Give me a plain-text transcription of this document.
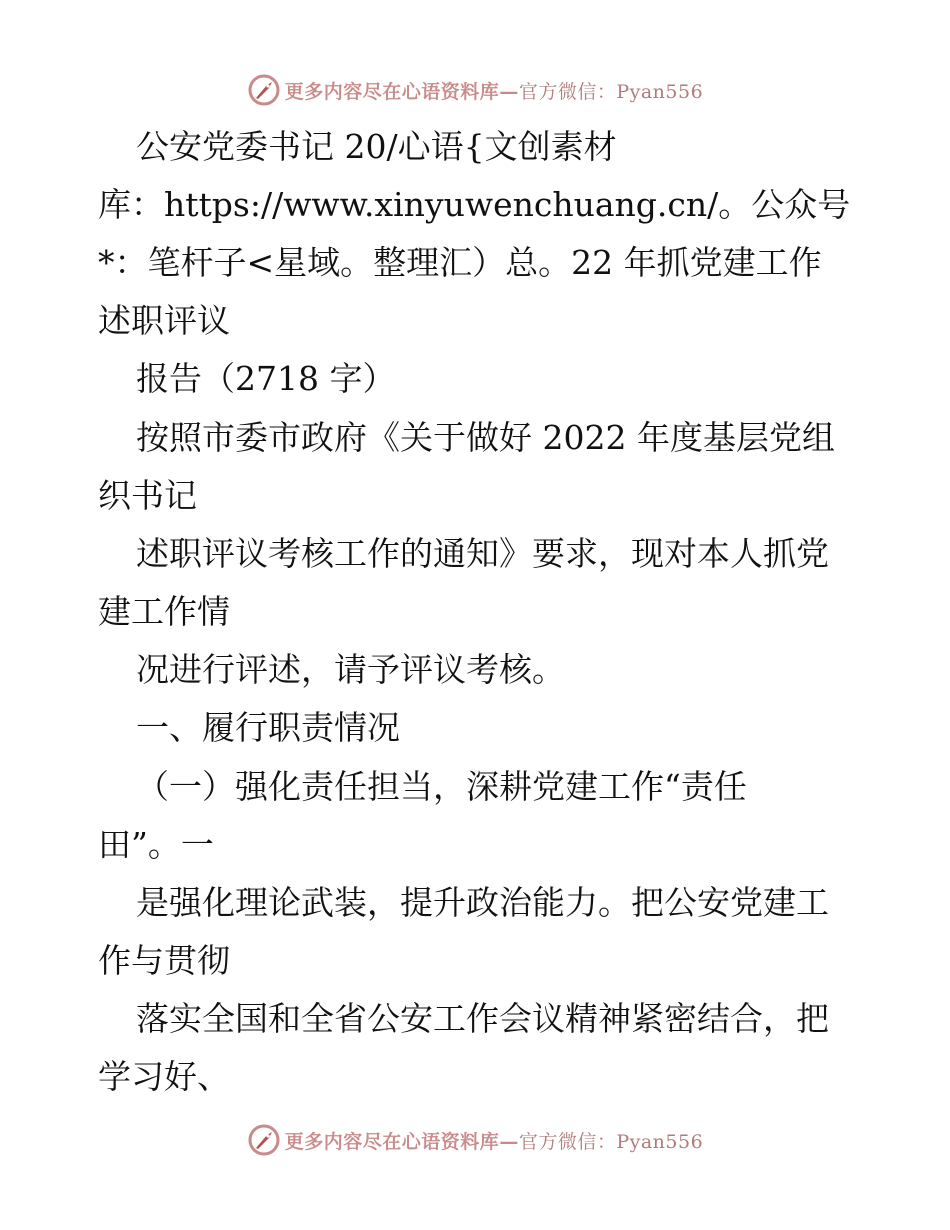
更多内容尽在心语资料库—官方微信：Pyan556
公安党委书记 20/心语{文创素材
库：https://www.xinyuwenchuang.cn/。公众号
*：笔杆子<星域。整理汇）总。22 年抓党建工作
述职评议
报告（2718 字）
按照市委市政府《关于做好 2022 年度基层党组
织书记
述职评议考核工作的通知》要求，现对本人抓党
建工作情
况进行评述，请予评议考核。
一、履行职责情况
（一）强化责任担当，深耕党建工作“责任
田”。一
是强化理论武装，提升政治能力。把公安党建工
作与贯彻
落实全国和全省公安工作会议精神紧密结合，把
学习好、
更多内容尽在心语资料库—官方微信：Pyan556
